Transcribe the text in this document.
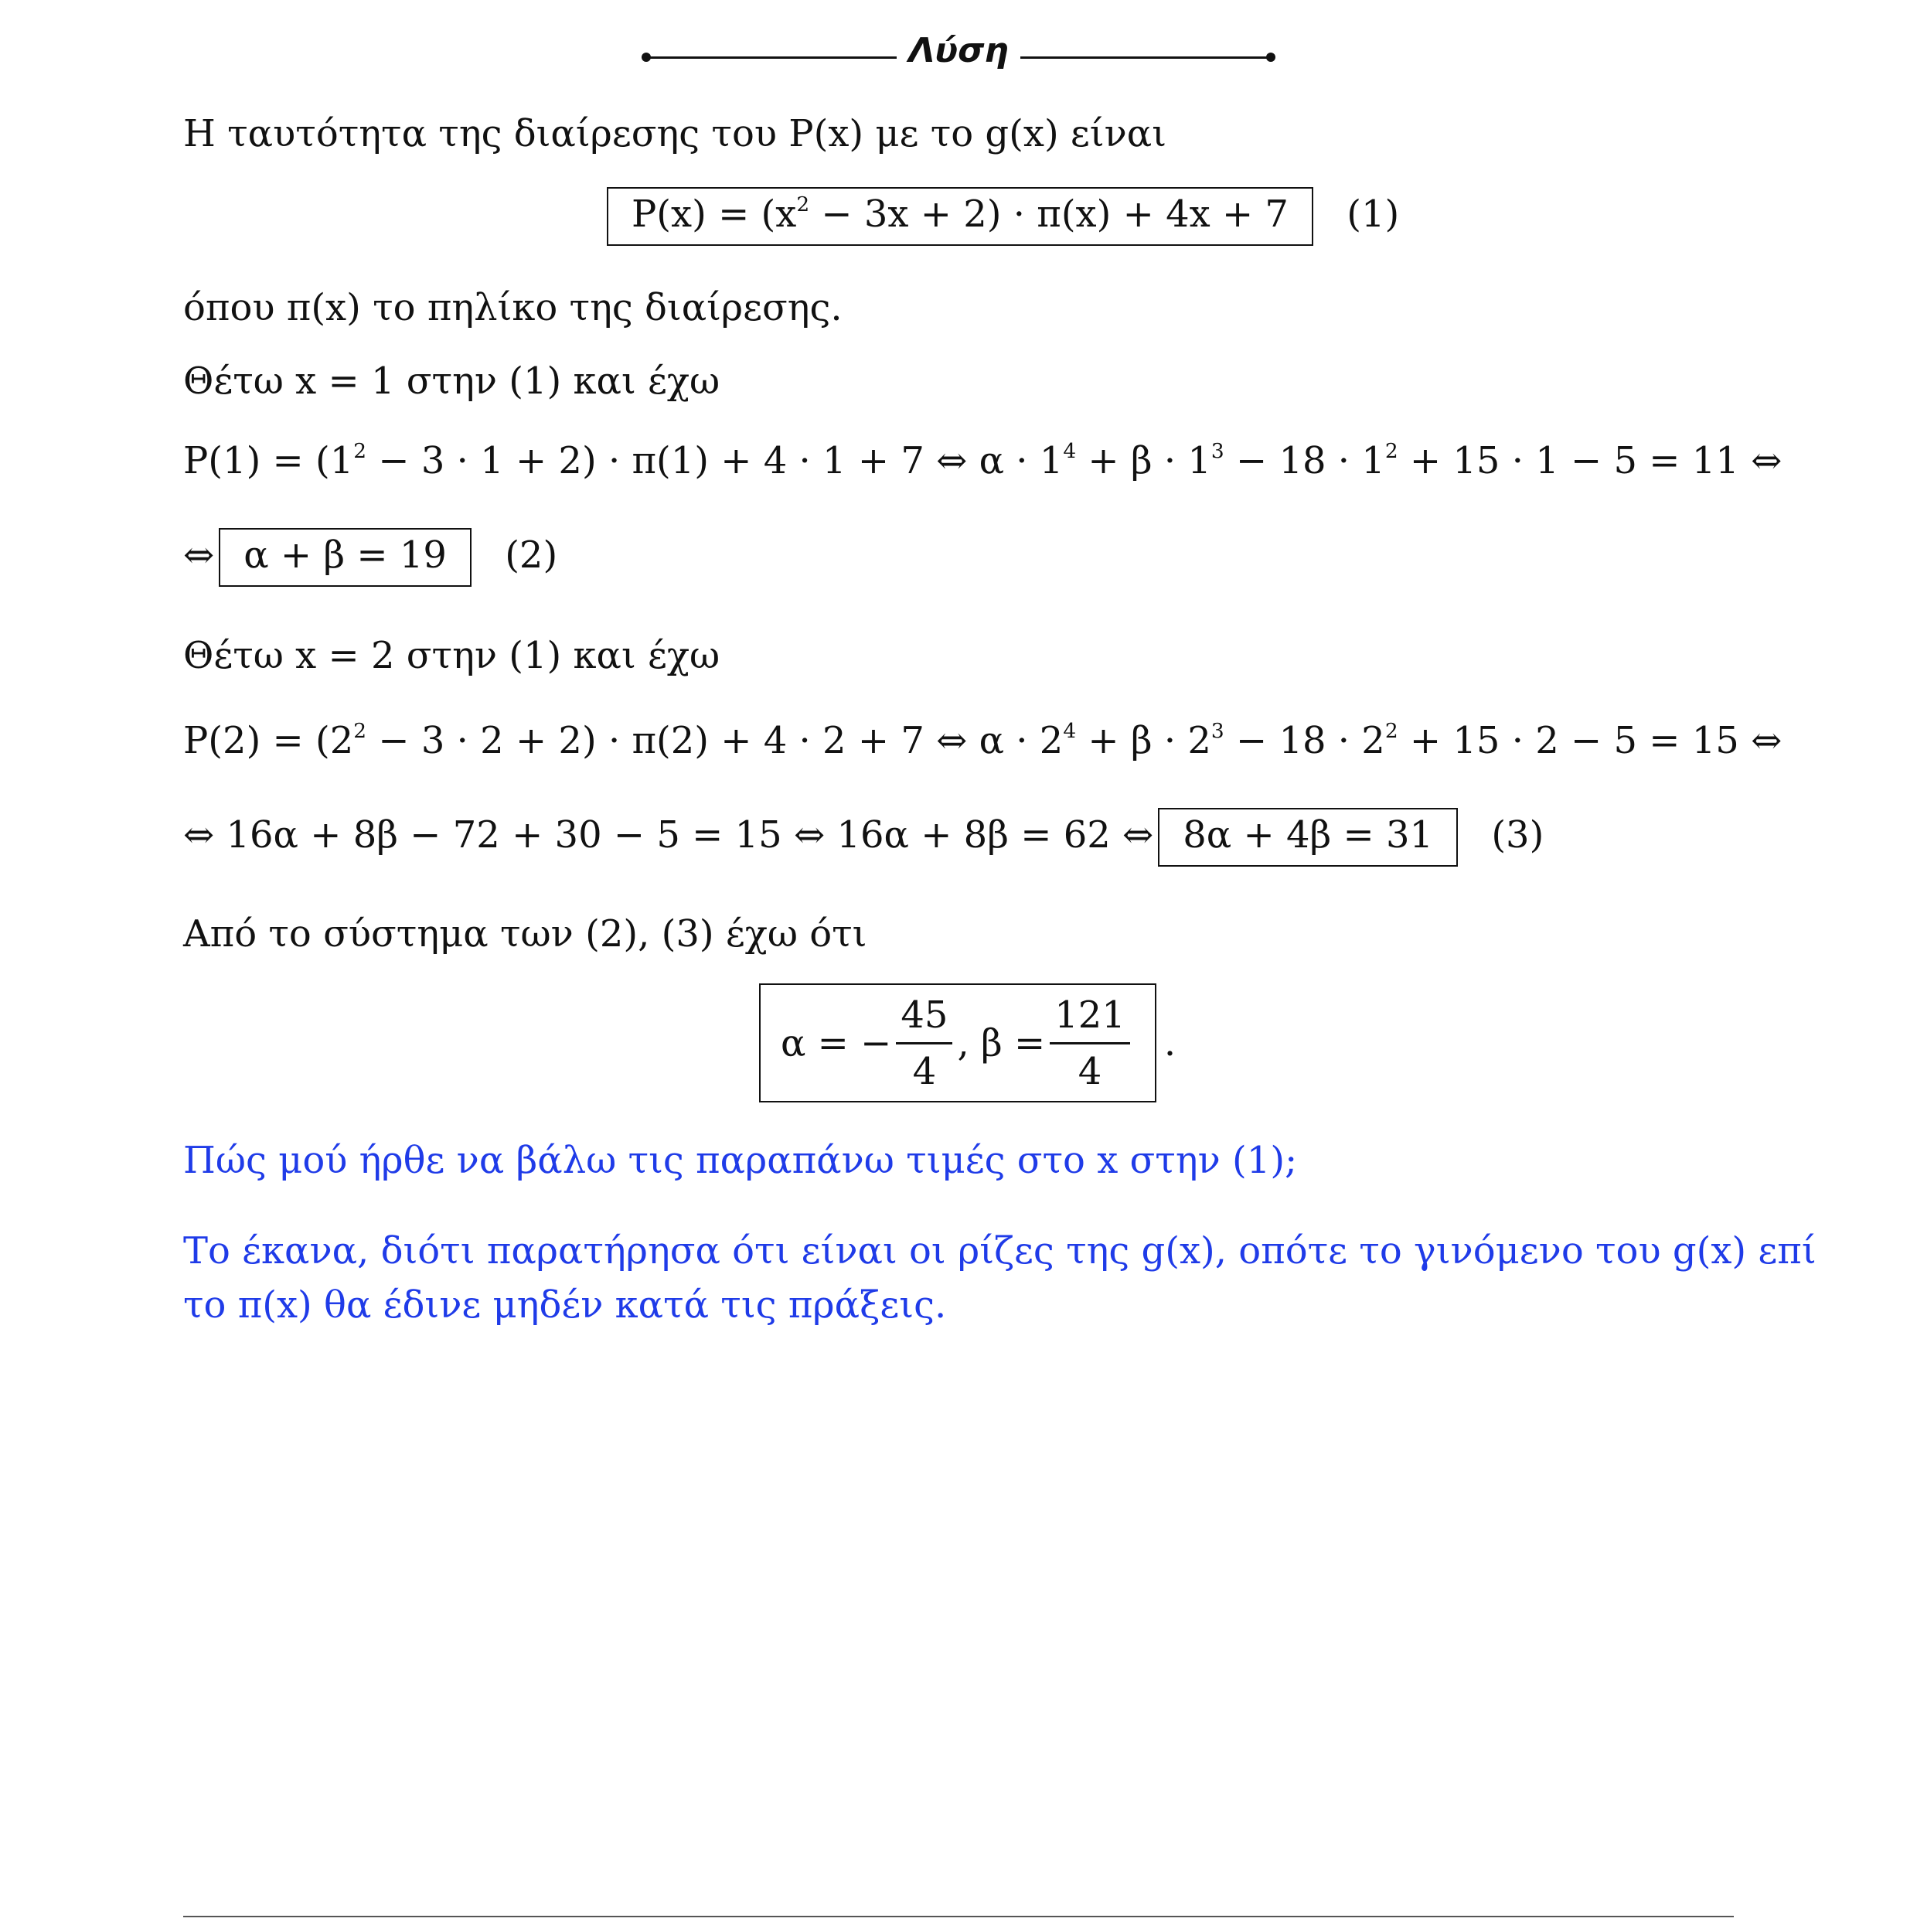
Λύση
Η ταυτότητα της διαίρεσης του P(x) με το g(x) είναι
$P(x) = (x^2 - 3x + 2) \cdot \pi(x) + 4x + 7$ (1)
όπου π(x) το πηλίκο της διαίρεσης.
Θέτω x = 1 στην (1) και έχω
$P(1) = (1^2 - 3 \cdot 1 + 2) \cdot \pi(1) + 4 \cdot 1 + 7$ ⇔ $\alpha \cdot 1^4 + \beta \cdot 1^3 - 18 \cdot 1^2 + 15 \cdot 1 - 5 = 11$ ⇔
⇔ α + β = 19 (2)
Θέτω x = 2 στην (1) και έχω
$P(2) = (2^2 - 3 \cdot 2 + 2) \cdot \pi(2) + 4 \cdot 2 + 7$ ⇔ $\alpha \cdot 2^4 + \beta \cdot 2^3 - 18 \cdot 2^2 + 15 \cdot 2 - 5 = 15$ ⇔
⇔ 16α + 8β − 72 + 30 − 5 = 15 ⇔ 16α + 8β = 62 ⇔ 8α + 4β = 31 (3)
Από το σύστημα των (2), (3) έχω ότι
α = − $\frac{45}{4}$ , $\beta = \frac{121}{4}$ .
Πώς μού ήρθε να βάλω τις παραπάνω τιμές στο x στην (1);
Το έκανα, διότι παρατήρησα ότι είναι οι ρίζες της g(x), οπότε το γινόμενο του g(x) επί
το π(x) θα έδινε μηδέν κατά τις πράξεις.
